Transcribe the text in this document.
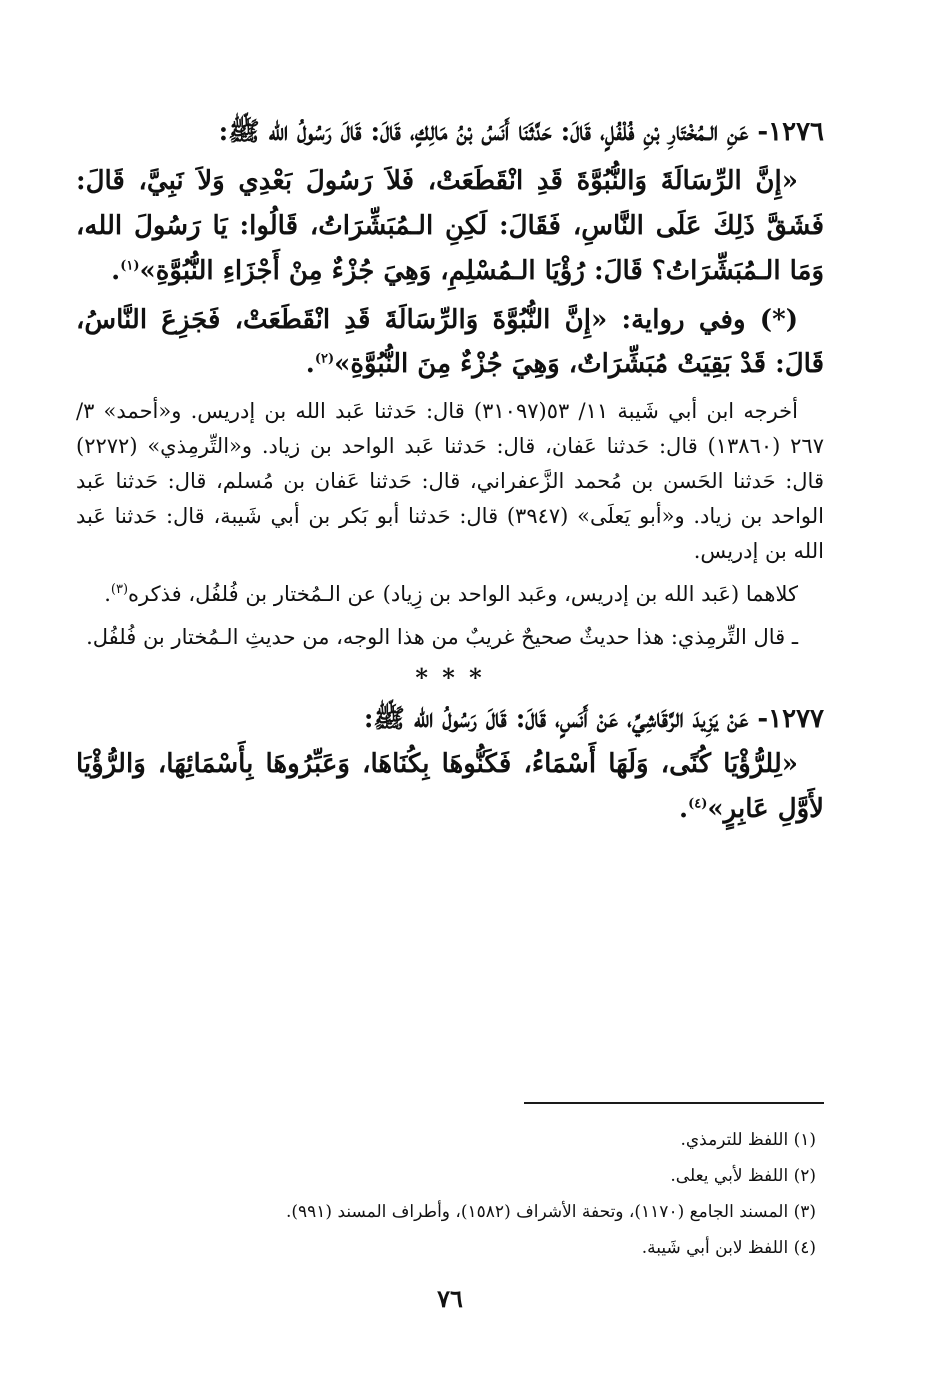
١٢٧٦- عَنِ الـمُخْتَارِ بْنِ فُلْفُلٍ، قَالَ: حَدَّثَنَا أَنَسُ بْنُ مَالِكٍ، قَالَ: قَالَ رَسُولُ الله ﷺ:

«إِنَّ الرِّسَالَةَ وَالنُّبُوَّةَ قَدِ انْقَطَعَتْ، فَلاَ رَسُولَ بَعْدِي وَلاَ نَبِيَّ، قَالَ: فَشَقَّ ذَلِكَ عَلَى النَّاسِ، فَقَالَ: لَكِنِ الـمُبَشِّرَاتُ، قَالُوا: يَا رَسُولَ الله، وَمَا الـمُبَشِّرَاتُ؟ قَالَ: رُؤْيَا الـمُسْلِمِ، وَهِيَ جُزْءٌ مِنْ أَجْزَاءِ النُّبُوَّةِ»$^{(١)}$.

(*) وفي رواية: «إِنَّ النُّبُوَّةَ وَالرِّسَالَةَ قَدِ انْقَطَعَتْ، فَجَزِعَ النَّاسُ، قَالَ: قَدْ بَقِيَتْ مُبَشِّرَاتٌ، وَهِيَ جُزْءٌ مِنَ النُّبُوَّةِ»$^{(٢)}$.

أخرجه ابن أبي شَيبة ١١/ ٥٣(٣١٠٩٧) قال: حَدثنا عَبد الله بن إدريس. و«أحمد» ٣/ ٢٦٧ (١٣٨٦٠) قال: حَدثنا عَفان، قال: حَدثنا عَبد الواحد بن زياد. و«التِّرمِذي» (٢٢٧٢) قال: حَدثنا الحَسن بن مُحمد الزَّعفراني، قال: حَدثنا عَفان بن مُسلم، قال: حَدثنا عَبد الواحد بن زياد. و«أبو يَعلَى» (٣٩٤٧) قال: حَدثنا أبو بَكر بن أبي شَيبة، قال: حَدثنا عَبد الله بن إدريس.

كلاهما (عَبد الله بن إدريس، وعَبد الواحد بن زِياد) عن الـمُختار بن فُلفُل، فذكره$^{(٣)}$.

ـ قال التِّرمِذي: هذا حديثٌ صحيحٌ غريبٌ من هذا الوجه، من حديثِ الـمُختار بن فُلفُل.

* * *

١٢٧٧- عَنْ يَزِيدَ الرَّقَاشِيِّ، عَنْ أَنَسٍ، قَالَ: قَالَ رَسُولُ الله ﷺ:

«لِلرُّؤْيَا كُنًى، وَلَهَا أَسْمَاءُ، فَكَنُّوهَا بِكُنَاهَا، وَعَبِّرُوهَا بِأَسْمَائِهَا، وَالرُّؤْيَا لأَوَّلِ عَابِرٍ»$^{(٤)}$.

(١) اللفظ للترمذي.

(٢) اللفظ لأبي يعلى.

(٣) المسند الجامع (١١٧٠)، وتحفة الأشراف (١٥٨٢)، وأطراف المسند (٩٩١).

(٤) اللفظ لابن أبي شَيبة.

٧٦
